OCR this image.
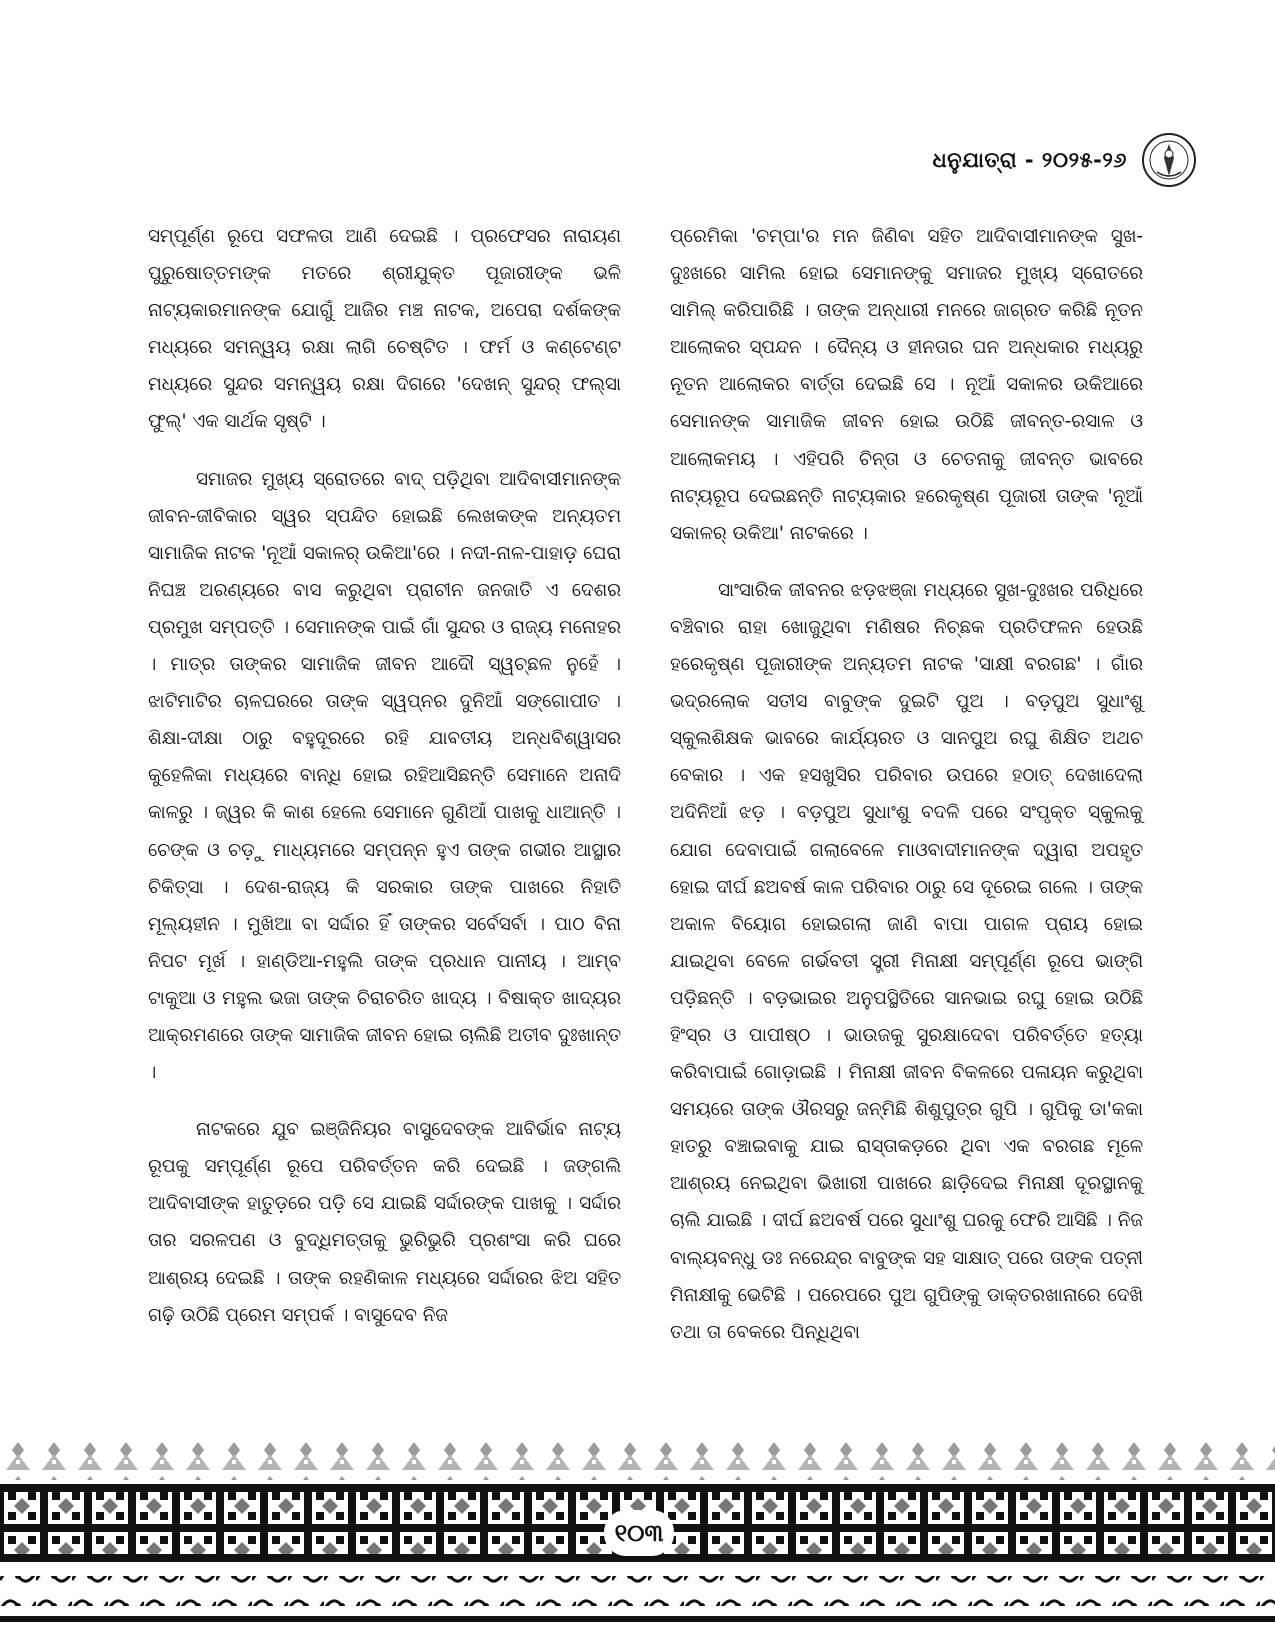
ଧନୁଯାତ୍ରା - ୨୦୨୫-୨୬

ସମ୍ପୂର୍ଣ୍ଣ ରୂପେ ସଫଳତା ଆଣି ଦେଇଛି । ପ୍ରଫେସର ନାରାୟଣ ପୁରୁଷୋତ୍ତମଙ୍କ ମତରେ ଶ୍ରୀଯୁକ୍ତ ପୂଜାରୀଙ୍କ ଭଳି ନାଟ୍ୟକାରମାନଙ୍କ ଯୋଗୁଁ ଆଜିର ମଞ୍ଚ ନାଟକ, ଅପେରା ଦର୍ଶକଙ୍କ ମଧ୍ୟରେ ସମନ୍ୱୟ ରକ୍ଷା ଲାଗି ଚେଷ୍ଟିତ । ଫର୍ମ ଓ କଣ୍ଟେଣ୍ଟ ମଧ୍ୟରେ ସୁନ୍ଦର ସମନ୍ୱୟ ରକ୍ଷା ଦିଗରେ 'ଦେଖନ୍ ସୁନ୍ଦର୍ ଫଲ୍ସା ଫୁଲ୍' ଏକ ସାର୍ଥକ ସୃଷ୍ଟି ।

ସମାଜର ମୁଖ୍ୟ ସ୍ରୋତରେ ବାଦ୍ ପଡ଼ିଥିବା ଆଦିବାସୀମାନଙ୍କ ଜୀବନ-ଜୀବିକାର ସ୍ୱର ସ୍ପନ୍ଦିତ ହୋଇଛି ଲେଖକଙ୍କ ଅନ୍ୟତମ ସାମାଜିକ ନାଟକ 'ନୂଆଁ ସକାଳର୍ ଉକିଆ'ରେ । ନଦୀ-ନାଳ-ପାହାଡ଼ ଘେରା ନିଘଞ୍ଚ ଅରଣ୍ୟରେ ବାସ କରୁଥିବା ପ୍ରାଚୀନ ଜନଜାତି ଏ ଦେଶର ପ୍ରମୁଖ ସମ୍ପତ୍ତି । ସେମାନଙ୍କ ପାଇଁ ଗାଁ ସୁନ୍ଦର ଓ ରାଜ୍ୟ ମନୋହର । ମାତ୍ର ତାଙ୍କର ସାମାଜିକ ଜୀବନ ଆଦୌ ସ୍ୱଚ୍ଛଳ ନୁହେଁ । ଝାଟିମାଟିର ଚାଳଘରରେ ତାଙ୍କ ସ୍ୱପ୍ନର ଦୁନିଆଁ ସଙ୍ଗୋପୀତ । ଶିକ୍ଷା-ଦୀକ୍ଷା ଠାରୁ ବହୁଦୂରରେ ରହି ଯାବତୀୟ ଅନ୍ଧବିଶ୍ୱାସର କୁହେଳିକା ମଧ୍ୟରେ ବାନ୍ଧି ହୋଇ ରହିଆସିଛନ୍ତି ସେମାନେ ଅନାଦି କାଳରୁ । ଜ୍ୱର କି କାଶ ହେଲେ ସେମାନେ ଗୁଣିଆଁ ପାଖକୁ ଧାଆନ୍ତି । ଚେଙ୍କ ଓ ଚଡ଼ୁ ମାଧ୍ୟମରେ ସମ୍ପନ୍ନ ହୁଏ ତାଙ୍କ ଗଭୀର ଆସ୍ଥାର ଚିକିତ୍ସା । ଦେଶ-ରାଜ୍ୟ କି ସରକାର ତାଙ୍କ ପାଖରେ ନିହାତି ମୂଲ୍ୟହୀନ । ମୁଖିଆ ବା ସର୍ଦ୍ଦାର ହିଁ ତାଙ୍କର ସର୍ବେସର୍ବା । ପାଠ ବିନା ନିପଟ ମୂର୍ଖ । ହାଣ୍ଡିଆ-ମହୁଲି ତାଙ୍କ ପ୍ରଧାନ ପାନୀୟ । ଆମ୍ବ ଟାକୁଆ ଓ ମହୁଲ ଭଜା ତାଙ୍କ ଚିରାଚରିତ ଖାଦ୍ୟ । ବିଷାକ୍ତ ଖାଦ୍ୟର ଆକ୍ରମଣରେ ତାଙ୍କ ସାମାଜିକ ଜୀବନ ହୋଇ ଚାଲିଛି ଅତୀବ ଦୁଃଖାନ୍ତ ।

ନାଟକରେ ଯୁବ ଇଞ୍ଜିନିୟର ବାସୁଦେବଙ୍କ ଆବିର୍ଭାବ ନାଟ୍ୟ ରୂପକୁ ସମ୍ପୂର୍ଣ୍ଣ ରୂପେ ପରିବର୍ତ୍ତନ କରି ଦେଇଛି । ଜଙ୍ଗଲି ଆଦିବାସୀଙ୍କ ହାତୁଡ଼ରେ ପଡ଼ି ସେ ଯାଇଛି ସର୍ଦ୍ଦାରଙ୍କ ପାଖକୁ । ସର୍ଦ୍ଦାର ତାର ସରଳପଣ ଓ ବୁଦ୍ଧିମତ୍ତାକୁ ଭୁରିଭୁରି ପ୍ରଶଂସା କରି ଘରେ ଆଶ୍ରୟ ଦେଇଛି । ତାଙ୍କ ରହଣିକାଳ ମଧ୍ୟରେ ସର୍ଦ୍ଦାରର ଝିଅ ସହିତ ଗଢ଼ି ଉଠିଛି ପ୍ରେମ ସମ୍ପର୍କ । ବାସୁଦେବ ନିଜ

ପ୍ରେମିକା 'ଚମ୍ପା'ର ମନ ଜିଣିବା ସହିତ ଆଦିବାସୀମାନଙ୍କ ସୁଖ-ଦୁଃଖରେ ସାମିଲ ହୋଇ ସେମାନଙ୍କୁ ସମାଜର ମୁଖ୍ୟ ସ୍ରୋତରେ ସାମିଲ୍ କରିପାରିଛି । ତାଙ୍କ ଅନ୍ଧାରୀ ମନରେ ଜାଗ୍ରତ କରିଛି ନୂତନ ଆଲୋକର ସ୍ପନ୍ଦନ । ଦୈନ୍ୟ ଓ ହୀନତାର ଘନ ଅନ୍ଧକାର ମଧ୍ୟରୁ ନୂତନ ଆଲୋକର ବାର୍ତ୍ତା ଦେଇଛି ସେ । ନୂଆଁ ସକାଳର ଉକିଆରେ ସେମାନଙ୍କ ସାମାଜିକ ଜୀବନ ହୋଇ ଉଠିଛି ଜୀବନ୍ତ-ରସାଳ ଓ ଆଲୋକମୟ । ଏହିପରି ଚିନ୍ତା ଓ ଚେତନାକୁ ଜୀବନ୍ତ ଭାବରେ ନାଟ୍ୟରୂପ ଦେଇଛନ୍ତି ନାଟ୍ୟକାର ହରେକୃଷ୍ଣ ପୂଜାରୀ ତାଙ୍କ 'ନୂଆଁ ସକାଳର୍ ଉକିଆ' ନାଟକରେ ।

ସାଂସାରିକ ଜୀବନର ଝଡ଼ଝଞ୍ଜା ମଧ୍ୟରେ ସୁଖ-ଦୁଃଖର ପରିଧିରେ ବଞ୍ଚିବାର ରାହା ଖୋଜୁଥିବା ମଣିଷର ନିଚ୍ଛକ ପ୍ରତିଫଳନ ହେଉଛି ହରେକୃଷ୍ଣ ପୂଜାରୀଙ୍କ ଅନ୍ୟତମ ନାଟକ 'ସାକ୍ଷୀ ବରଗଛ' । ଗାଁର ଭଦ୍ରଲୋକ ସତୀସ ବାବୁଙ୍କ ଦୁଇଟି ପୁଅ । ବଡ଼ପୁଅ ସୁଧାଂଶୁ ସ୍କୁଲଶିକ୍ଷକ ଭାବରେ କାର୍ଯ୍ୟରତ ଓ ସାନପୁଅ ରଘୁ ଶିକ୍ଷିତ ଅଥଚ ବେକାର । ଏକ ହସଖୁସିର ପରିବାର ଉପରେ ହଠାତ୍ ଦେଖାଦେଲା ଅଦିନିଆଁ ଝଡ଼ । ବଡ଼ପୁଅ ସୁଧାଂଶୁ ବଦଳି ପରେ ସଂପୃକ୍ତ ସ୍କୁଲକୁ ଯୋଗ ଦେବାପାଇଁ ଗଲାବେଳେ ମାଓବାଦୀମାନଙ୍କ ଦ୍ୱାରା ଅପହୃତ ହୋଇ ଦୀର୍ଘ ଛଅବର୍ଷ କାଳ ପରିବାର ଠାରୁ ସେ ଦୂରେଇ ଗଲେ । ତାଙ୍କ ଅକାଳ ବିୟୋଗ ହୋଇଗଲା ଜାଣି ବାପା ପାଗଳ ପ୍ରାୟ ହୋଇ ଯାଇଥିବା ବେଳେ ଗର୍ଭବତୀ ସ୍ତ୍ରୀ ମିନାକ୍ଷୀ ସମ୍ପୂର୍ଣ୍ଣ ରୂପେ ଭାଙ୍ଗି ପଡ଼ିଛନ୍ତି । ବଡ଼ଭାଇର ଅନୁପସ୍ଥିତିରେ ସାନଭାଇ ରଘୁ ହୋଇ ଉଠିଛି ହିଂସ୍ର ଓ ପାପୀଷ୍ଠ । ଭାଉଜକୁ ସୁରକ୍ଷାଦେବା ପରିବର୍ତ୍ତେ ହତ୍ୟା କରିବାପାଇଁ ଗୋଡ଼ାଇଛି । ମିନାକ୍ଷୀ ଜୀବନ ବିକଳରେ ପଳାୟନ କରୁଥିବା ସମୟରେ ତାଙ୍କ ଔରସରୁ ଜନ୍ମିଛି ଶିଶୁପୁତ୍ର ଗୁପି । ଗୁପିକୁ ଡା'କକା ହାତରୁ ବଞ୍ଚାଇବାକୁ ଯାଇ ରାସ୍ତାକଡ଼ରେ ଥିବା ଏକ ବରଗଛ ମୂଳେ ଆଶ୍ରୟ ନେଇଥିବା ଭିଖାରୀ ପାଖରେ ଛାଡ଼ିଦେଇ ମିନାକ୍ଷୀ ଦୂରସ୍ଥାନକୁ ଚାଲି ଯାଇଛି । ଦୀର୍ଘ ଛଅବର୍ଷ ପରେ ସୁଧାଂଶୁ ଘରକୁ ଫେରି ଆସିଛି । ନିଜ ବାଲ୍ୟବନ୍ଧୁ ଡଃ ନରେନ୍ଦ୍ର ବାବୁଙ୍କ ସହ ସାକ୍ଷାତ୍ ପରେ ତାଙ୍କ ପତ୍ନୀ ମିନାକ୍ଷୀକୁ ଭେଟିଛି । ପରେପରେ ପୁଅ ଗୁପିଙ୍କୁ ଡାକ୍ତରଖାନାରେ ଦେଖି ତଥା ତା ବେକରେ ପିନ୍ଧିଥିବା

୧୦୩
